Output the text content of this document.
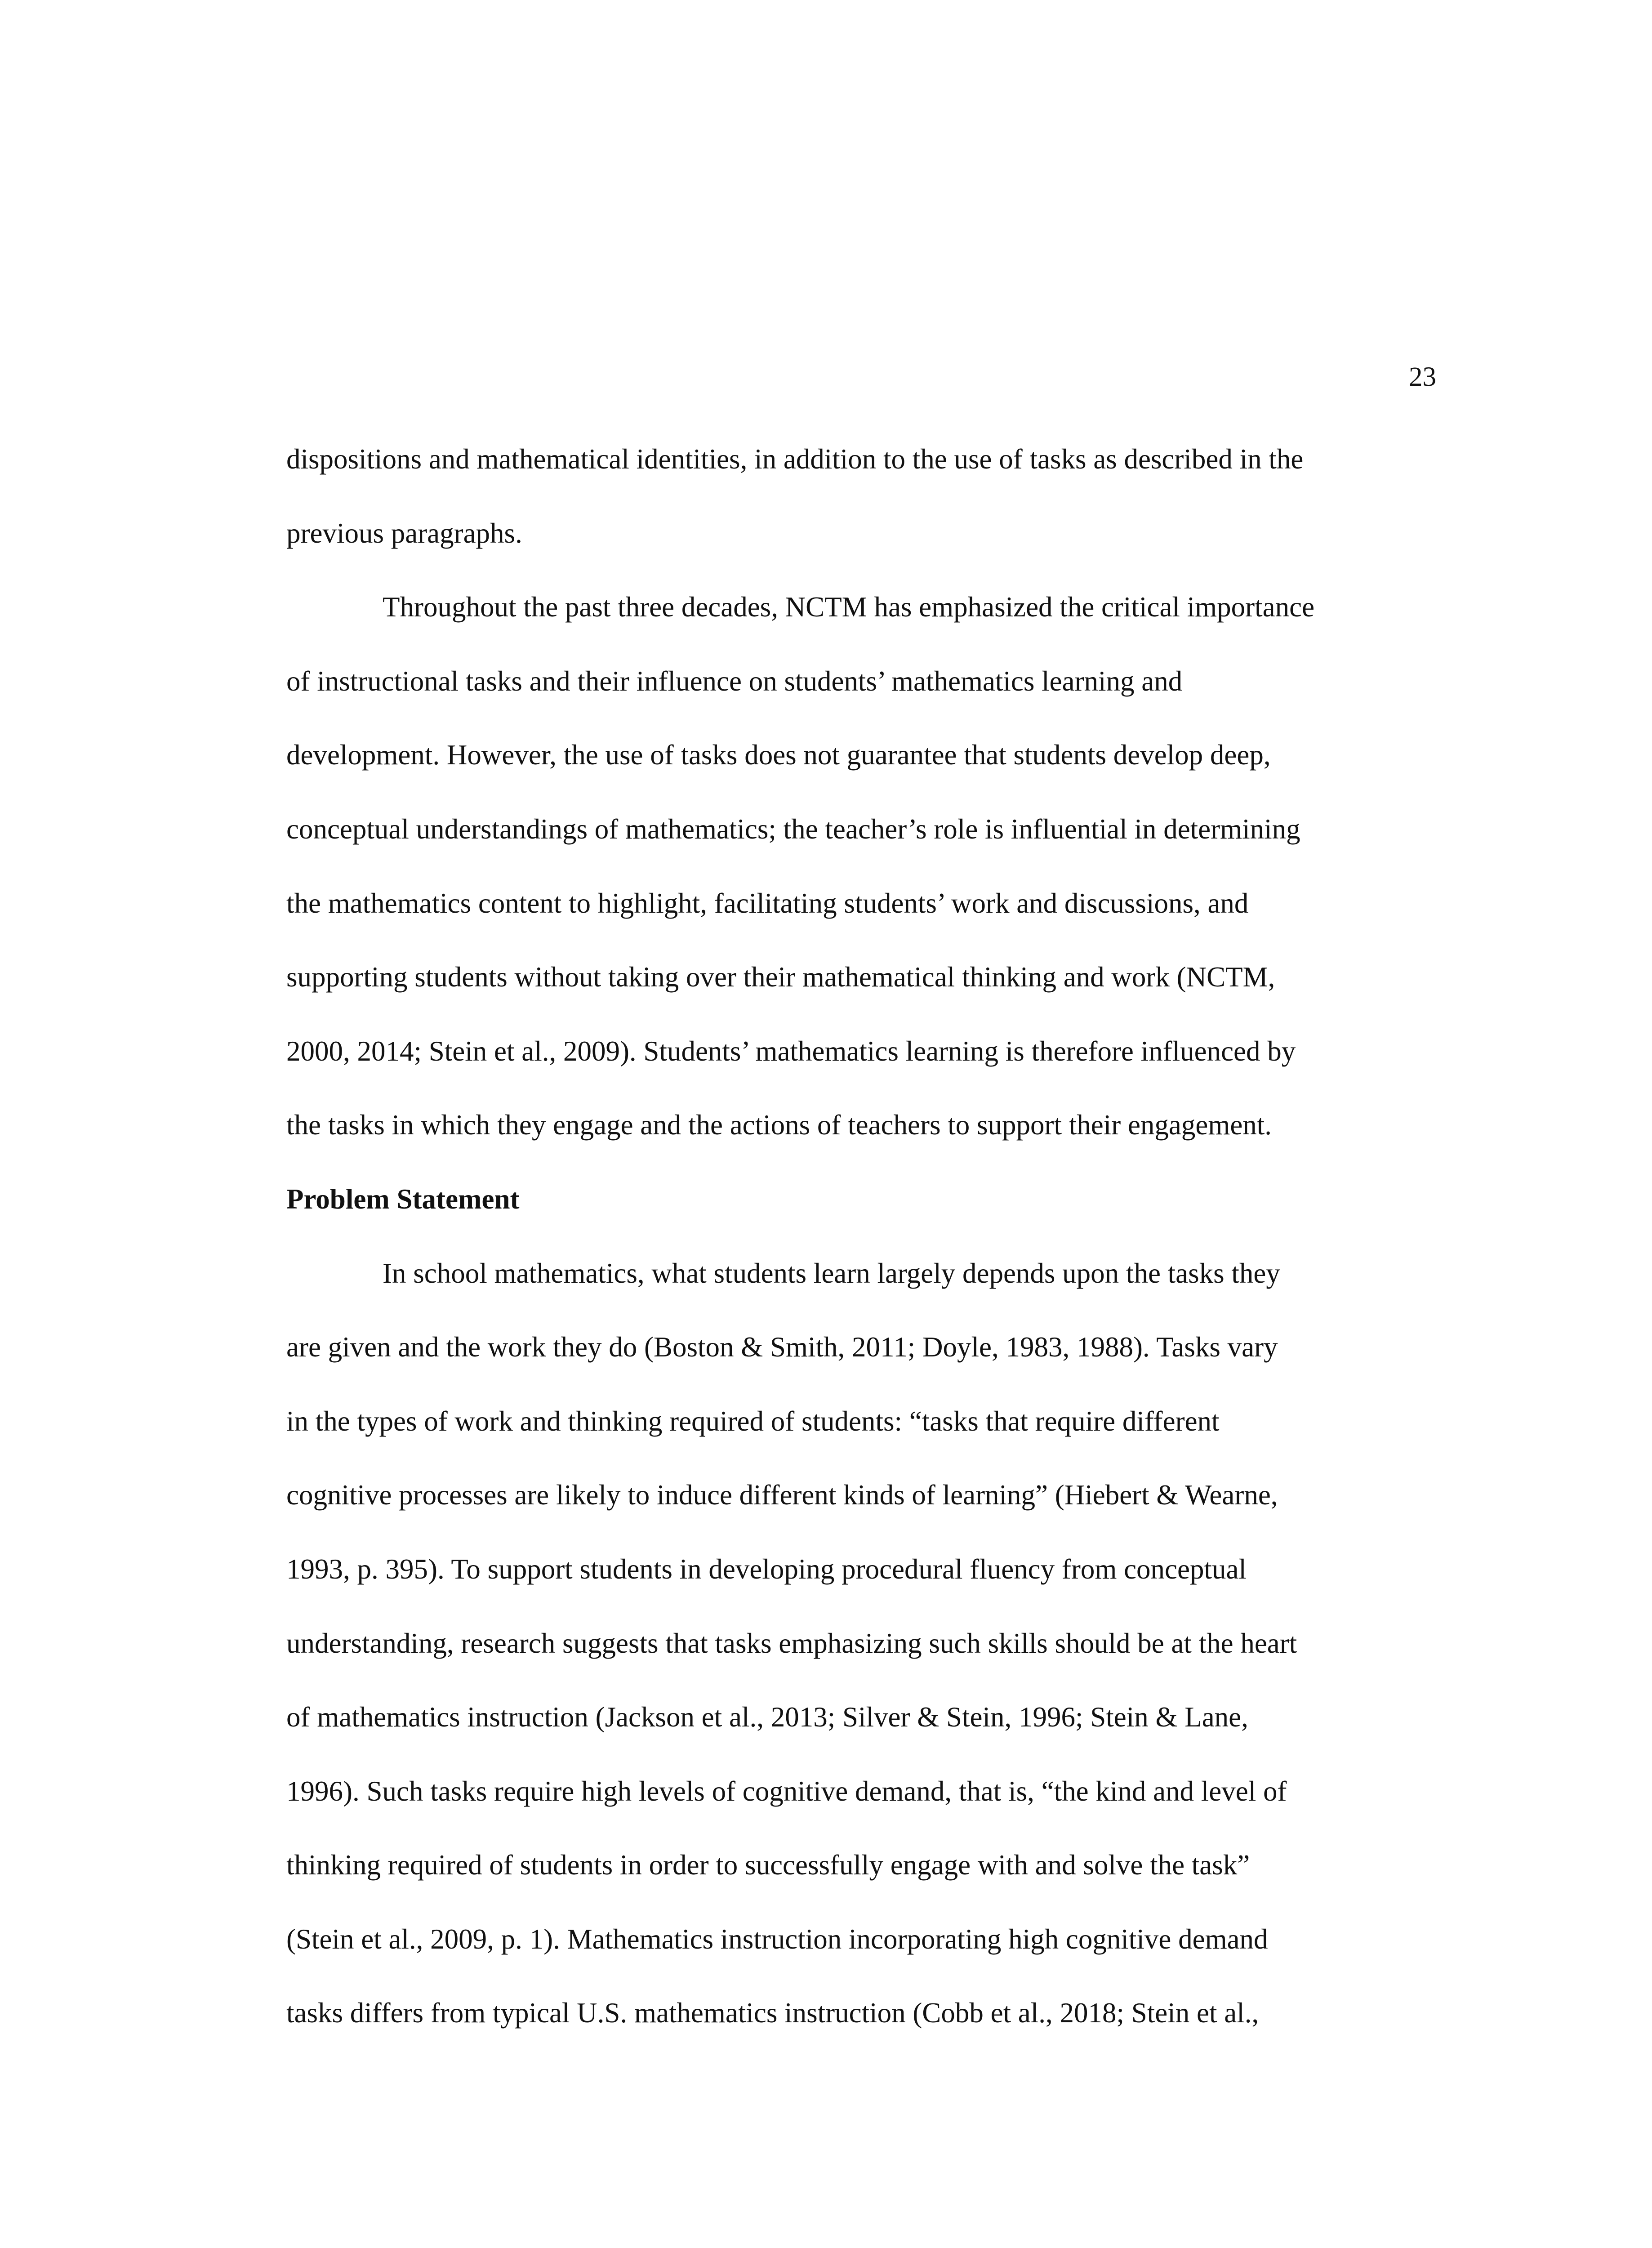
23
dispositions and mathematical identities, in addition to the use of tasks as described in the
previous paragraphs.
Throughout the past three decades, NCTM has emphasized the critical importance
of instructional tasks and their influence on students’ mathematics learning and
development. However, the use of tasks does not guarantee that students develop deep,
conceptual understandings of mathematics; the teacher’s role is influential in determining
the mathematics content to highlight, facilitating students’ work and discussions, and
supporting students without taking over their mathematical thinking and work (NCTM,
2000, 2014; Stein et al., 2009). Students’ mathematics learning is therefore influenced by
the tasks in which they engage and the actions of teachers to support their engagement.
Problem Statement
In school mathematics, what students learn largely depends upon the tasks they
are given and the work they do (Boston & Smith, 2011; Doyle, 1983, 1988). Tasks vary
in the types of work and thinking required of students: “tasks that require different
cognitive processes are likely to induce different kinds of learning” (Hiebert & Wearne,
1993, p. 395). To support students in developing procedural fluency from conceptual
understanding, research suggests that tasks emphasizing such skills should be at the heart
of mathematics instruction (Jackson et al., 2013; Silver & Stein, 1996; Stein & Lane,
1996). Such tasks require high levels of cognitive demand, that is, “the kind and level of
thinking required of students in order to successfully engage with and solve the task”
(Stein et al., 2009, p. 1). Mathematics instruction incorporating high cognitive demand
tasks differs from typical U.S. mathematics instruction (Cobb et al., 2018; Stein et al.,
